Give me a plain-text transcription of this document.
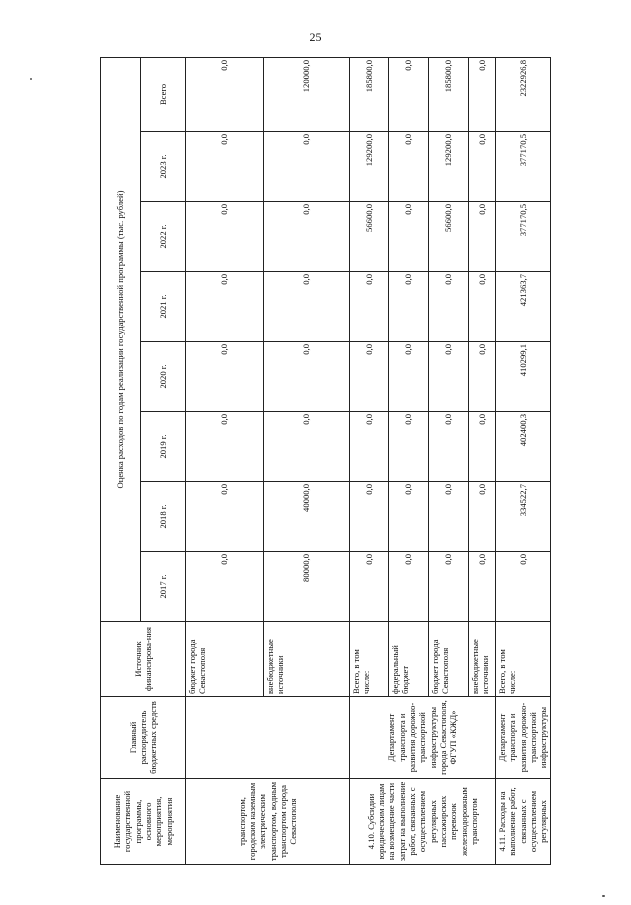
25
Наименование государственной программы, основного мероприятия, мероприятия	Главный распорядитель бюджетных средств	Источник финансирова-ния	Оценка расходов по годам реализации государственной программы (тыс. рублей)							
			2017 г.	2018 г.	2019 г.	2020 г.	2021 г.	2022 г.	2023 г.	Всего
транспортом, городским наземным электрическим транспортом, водным транспортом города Севастополя		бюджет города Севастополя	0,0	0,0	0,0	0,0	0,0	0,0	0,0	0,0
		внебюджетные источники	80000,0	40000,0	0,0	0,0	0,0	0,0	0,0	120000,0
4.10. Субсидии юридическим лицам на возмещение части затрат на выполнение работ, связанных с осуществлением регулярных пассажирских перевозок железнодорожным транспортом	Департамент транспорта и развития дорожно-транспортной инфраструктуры города Севастополя, ФГУП «КЖД»	Всего, в том числе:	0,0	0,0	0,0	0,0	0,0	56600,0	129200,0	185800,0
		федеральный бюджет	0,0	0,0	0,0	0,0	0,0	0,0	0,0	0,0
		бюджет города Севастополя	0,0	0,0	0,0	0,0	0,0	56600,0	129200,0	185800,0
		внебюджетные источники	0,0	0,0	0,0	0,0	0,0	0,0	0,0	0,0
4.11. Расходы на выполнение работ, связанных с осуществлением регулярных	Департамент транспорта и развития дорожно-транспортной инфраструктуры	Всего, в том числе:	0,0	334522,7	402400,3	410299,1	421363,7	377170,5	377170,5	2322926,8
